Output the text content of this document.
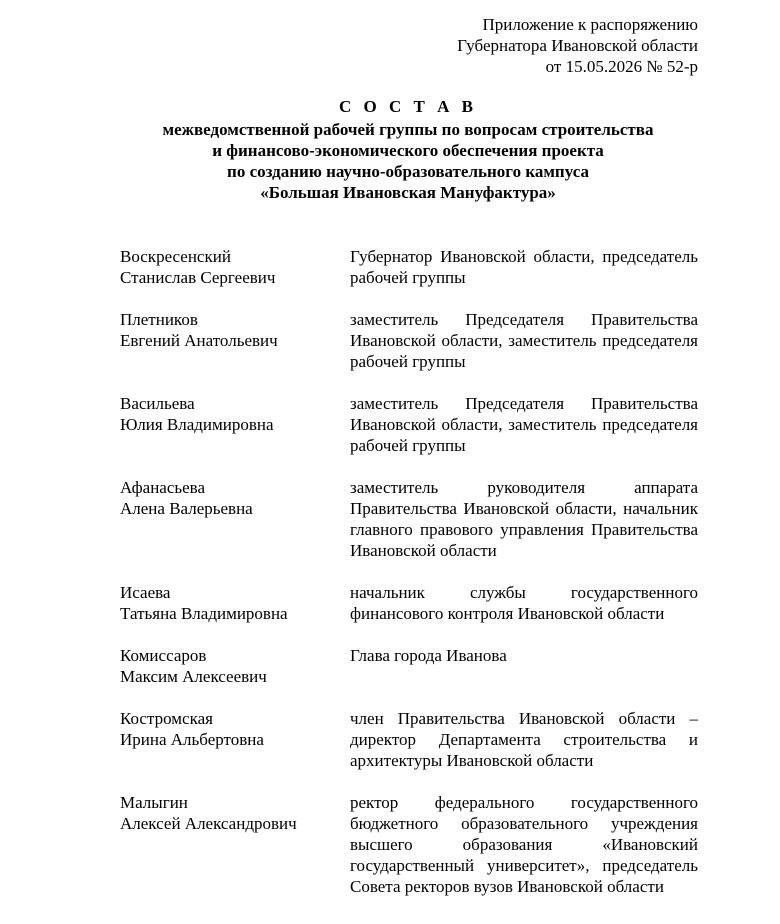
Приложение к распоряжению
Губернатора Ивановской области
от 15.05.2026 № 52-р
С О С Т А В
межведомственной рабочей группы по вопросам строительства
и финансово-экономического обеспечения проекта
по созданию научно-образовательного кампуса
«Большая Ивановская Мануфактура»
Воскресенский
Станислав Сергеевич
Губернатор Ивановской области, председатель рабочей группы
Плетников
Евгений Анатольевич
заместитель Председателя Правительства Ивановской области, заместитель председателя рабочей группы
Васильева
Юлия Владимировна
заместитель Председателя Правительства Ивановской области, заместитель председателя рабочей группы
Афанасьева
Алена Валерьевна
заместитель руководителя аппарата Правительства Ивановской области, начальник главного правового управления Правительства Ивановской области
Исаева
Татьяна Владимировна
начальник службы государственного финансового контроля Ивановской области
Комиссаров
Максим Алексеевич
Глава города Иванова
Костромская
Ирина Альбертовна
член Правительства Ивановской области – директор Департамента строительства и архитектуры Ивановской области
Малыгин
Алексей Александрович
ректор федерального государственного бюджетного образовательного учреждения высшего образования «Ивановский государственный университет», председатель Совета ректоров вузов Ивановской области
